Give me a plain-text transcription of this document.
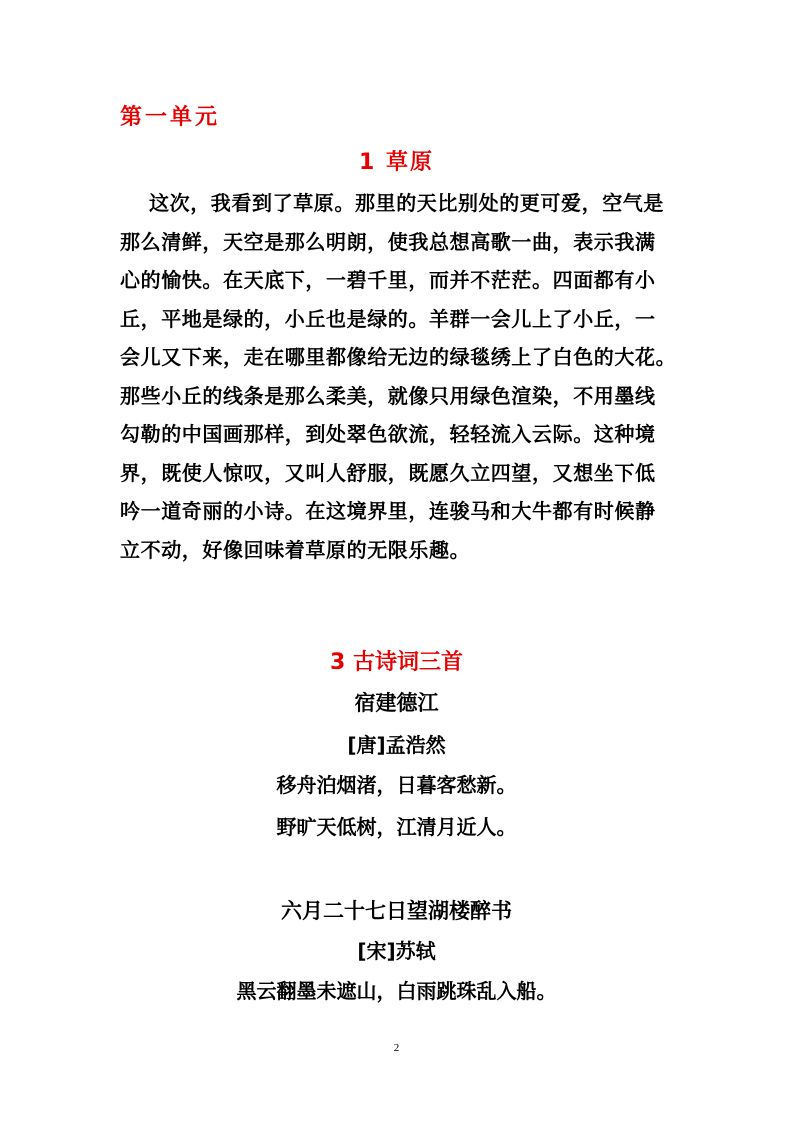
第一单元
1 草原
这次，我看到了草原。那里的天比别处的更可爱，空气是
那么清鲜，天空是那么明朗，使我总想高歌一曲，表示我满
心的愉快。在天底下，一碧千里，而并不茫茫。四面都有小
丘，平地是绿的，小丘也是绿的。羊群一会儿上了小丘，一
会儿又下来，走在哪里都像给无边的绿毯绣上了白色的大花。
那些小丘的线条是那么柔美，就像只用绿色渲染，不用墨线
勾勒的中国画那样，到处翠色欲流，轻轻流入云际。这种境
界，既使人惊叹，又叫人舒服，既愿久立四望，又想坐下低
吟一道奇丽的小诗。在这境界里，连骏马和大牛都有时候静
立不动，好像回味着草原的无限乐趣。
3 古诗词三首
宿建德江
[唐]孟浩然
移舟泊烟渚，日暮客愁新。
野旷天低树，江清月近人。
六月二十七日望湖楼醉书
[宋]苏轼
黑云翻墨未遮山，白雨跳珠乱入船。
2
